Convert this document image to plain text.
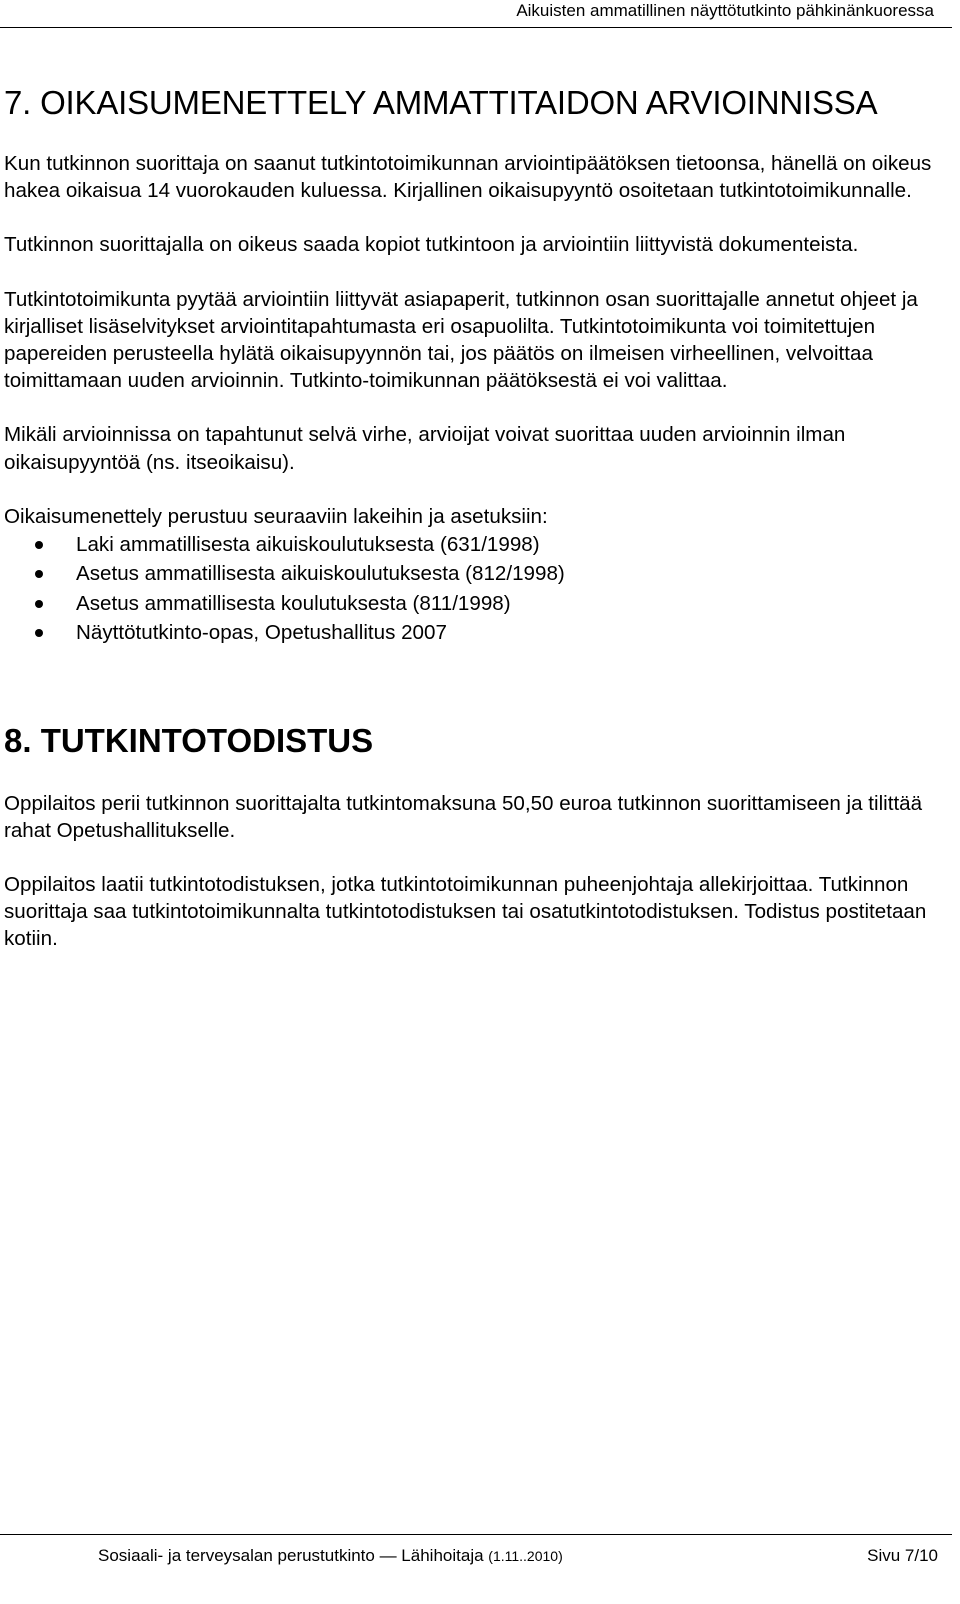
Aikuisten ammatillinen näyttötutkinto pähkinänkuoressa
7. OIKAISUMENETTELY AMMATTITAIDON ARVIOINNISSA

Kun tutkinnon suorittaja on saanut tutkintotoimikunnan arviointipäätöksen tietoonsa, hänellä on oikeus hakea oikaisua 14 vuorokauden kuluessa. Kirjallinen oikaisupyyntö osoitetaan tutkintotoimikunnalle.

Tutkinnon suorittajalla on oikeus saada kopiot tutkintoon ja arviointiin liittyvistä dokumenteista.

Tutkintotoimikunta pyytää arviointiin liittyvät asiapaperit, tutkinnon osan suorittajalle annetut ohjeet ja kirjalliset lisäselvitykset arviointitapahtumasta eri osapuolilta. Tutkintotoimikunta voi toimitettujen papereiden perusteella hylätä oikaisupyynnön tai, jos päätös on ilmeisen virheellinen, velvoittaa toimittamaan uuden arvioinnin. Tutkinto-toimikunnan päätöksestä ei voi valittaa.

Mikäli arvioinnissa on tapahtunut selvä virhe, arvioijat voivat suorittaa uuden arvioinnin ilman oikaisupyyntöä (ns. itseoikaisu).

Oikaisumenettely perustuu seuraaviin lakeihin ja asetuksiin:

Laki ammatillisesta aikuiskoulutuksesta (631/1998)
Asetus ammatillisesta aikuiskoulutuksesta (812/1998)
Asetus ammatillisesta koulutuksesta (811/1998)
Näyttötutkinto-opas, Opetushallitus 2007
8. TUTKINTOTODISTUS

Oppilaitos perii tutkinnon suorittajalta tutkintomaksuna 50,50 euroa tutkinnon suorittamiseen ja tilittää rahat Opetushallitukselle.

Oppilaitos laatii tutkintotodistuksen, jotka tutkintotoimikunnan puheenjohtaja allekirjoittaa. Tutkinnon suorittaja saa tutkintotoimikunnalta tutkintotodistuksen tai osatutkintotodistuksen. Todistus postitetaan kotiin.

Sosiaali- ja terveysalan perustutkinto — Lähihoitaja (1.11..2010)	Sivu 7/10
